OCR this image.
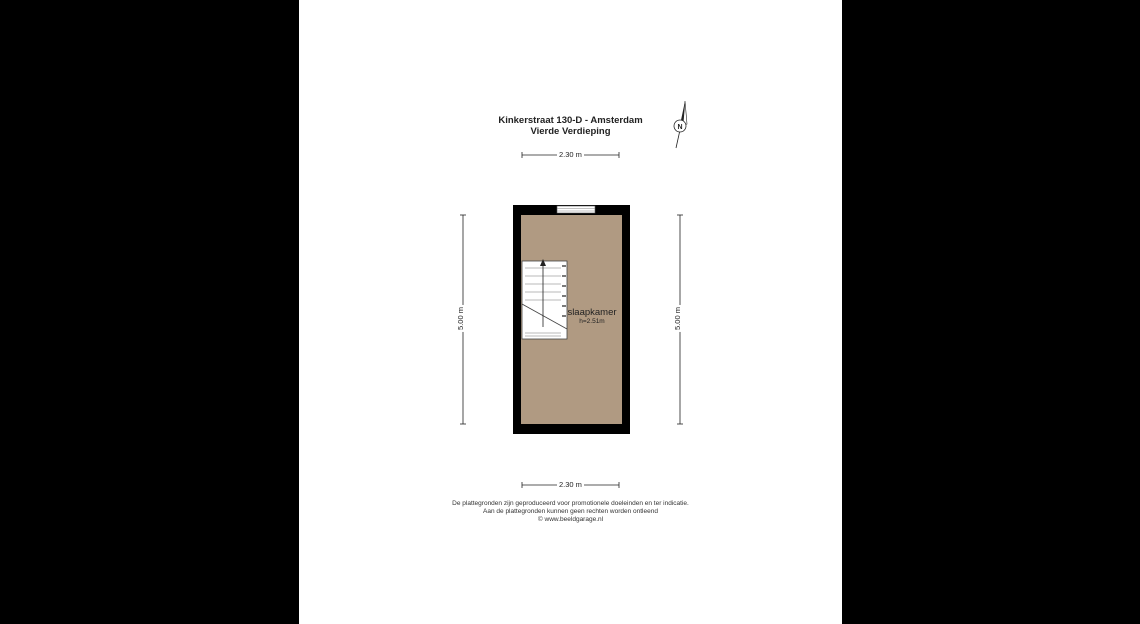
Kinkerstraat 130-D - Amsterdam
Vierde Verdieping	N
2.30 m
2.30 m
5.00 m	5.00 m
slaapkamer
h=2.51m
De plattegronden zijn geproduceerd voor promotionele doeleinden en ter indicatie.
Aan de plattegronden kunnen geen rechten worden ontleend
© www.beeldgarage.nl
